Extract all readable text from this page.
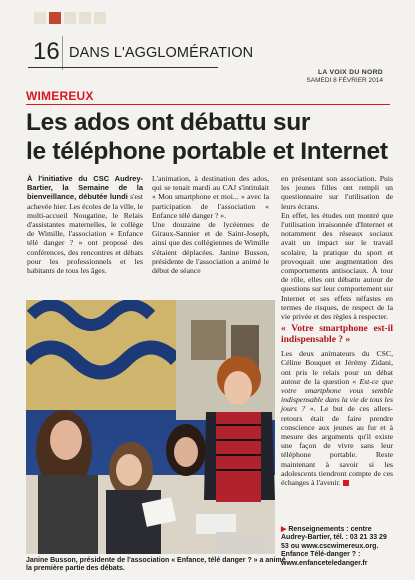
16 DANS L'AGGLOMÉRATION
LA VOIX DU NORD
SAMEDI 8 FÉVRIER 2014
WIMEREUX
Les ados ont débattu sur
le téléphone portable et Internet

À l'initiative du CSC Audrey-Bartier, la Semaine de la bienveillance, débutée lundi s'est achevée hier. Les écoles de la ville, le multi-accueil Nougatine, le Relais d'assistantes maternelles, le collège de Wimille, l'association « Enfance télé danger ? » ont proposé des conférences, des rencontres et débats pour les professionnels et les habitants de tous les âges.

L'animation, à destination des ados, qui se tenait mardi au CAJ s'intitulait « Mon smartphone et moi... » avec la participation de l'association « Enfance télé danger ? ».

Une douzaine de lycéennes de Giraux-Sannier et de Saint-Joseph, ainsi que des collégiennes de Wimille s'étaient déplacées. Janine Busson, présidente de l'association a animé le début de séance

en présentant son association. Puis les jeunes filles ont rempli un questionnaire sur l'utilisation de leurs écrans.

En effet, les études ont montré que l'utilisation irraisonnée d'Internet et notamment des réseaux sociaux avait un impact sur le travail scolaire, la pratique du sport et provoquait une augmentation des comportements antisociaux. À tour de rôle, elles ont débattu autour de questions sur leur comportement sur Internet et ses effets néfastes en termes de risques, de respect de la vie privée et des règles à respecter.

« Votre smartphone est-il indispensable ? »

Les deux animateurs du CSC, Céline Bouquet et Jérémy Zidani, ont pris le relais pour un débat autour de la question « Est-ce que votre smartphone vous semble indispensable dans la vie de tous les jours ? ». Le but de ces allers-retours était de faire prendre conscience aux jeunes au fur et à mesure des arguments qu'il existe une façon de vivre sans leur téléphone portable. Reste maintenant à savoir si les adolescents tiendront compte de ces échanges à l'avenir.

▶ Renseignements : centre Audrey-Bartier, tél. : 03 21 33 29 53 ou www.cscwimereux.org. Enfance Télé-danger ? : www.enfanceteledanger.fr
Janine Busson, présidente de l'association « Enfance, télé danger ? » a animé la première partie des débats.
